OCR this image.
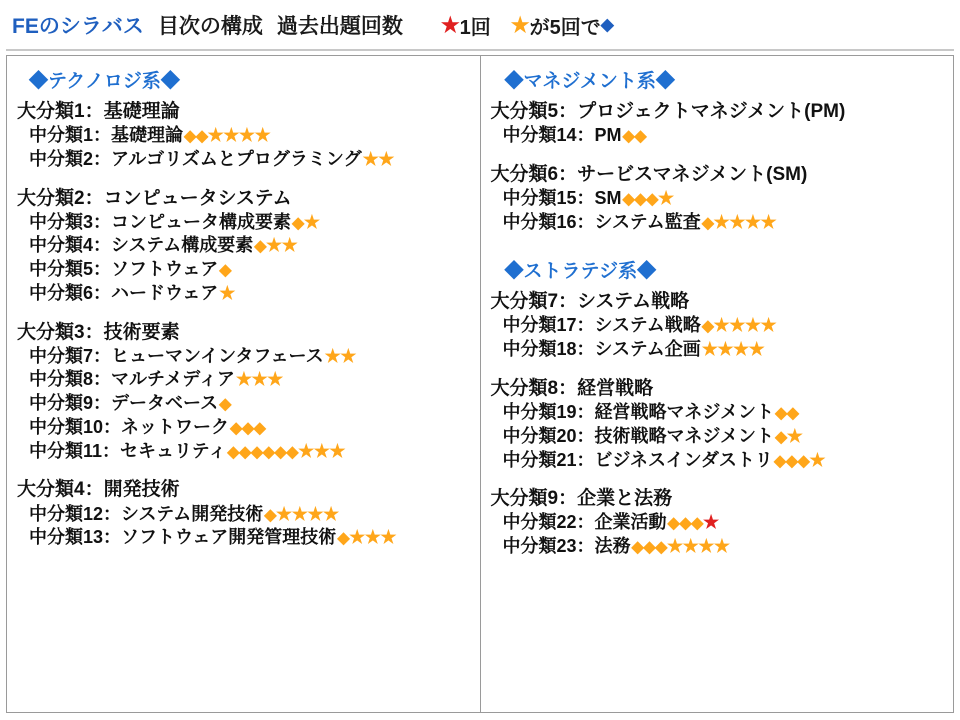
FEのシラバス 目次の構成 過去出題回数 ★ 1回 ★ が5回で ◆
◆テクノロジ系◆
大分類1：基礎理論
中分類1：基礎理論◆◆★★★★
中分類2：アルゴリズムとプログラミング★★
大分類2：コンピュータシステム
中分類3：コンピュータ構成要素◆★
中分類4：システム構成要素◆★★
中分類5：ソフトウェア◆
中分類6：ハードウェア★
大分類3：技術要素
中分類7：ヒューマンインタフェース★★
中分類8：マルチメディア★★★
中分類9：データベース◆
中分類10：ネットワーク◆◆◆
中分類11：セキュリティ◆◆◆◆◆◆★★★
大分類4：開発技術
中分類12：システム開発技術◆★★★★
中分類13：ソフトウェア開発管理技術◆★★★
◆マネジメント系◆
大分類5：プロジェクトマネジメント(PM)
中分類14：PM◆◆
大分類6：サービスマネジメント(SM)
中分類15：SM◆◆◆★
中分類16：システム監査◆★★★★
◆ストラテジ系◆
大分類7：システム戦略
中分類17：システム戦略◆★★★★
中分類18：システム企画★★★★
大分類8：経営戦略
中分類19：経営戦略マネジメント◆◆
中分類20：技術戦略マネジメント◆★
中分類21：ビジネスインダストリ◆◆◆★
大分類9：企業と法務
中分類22：企業活動◆◆◆★
中分類23：法務◆◆◆★★★★
